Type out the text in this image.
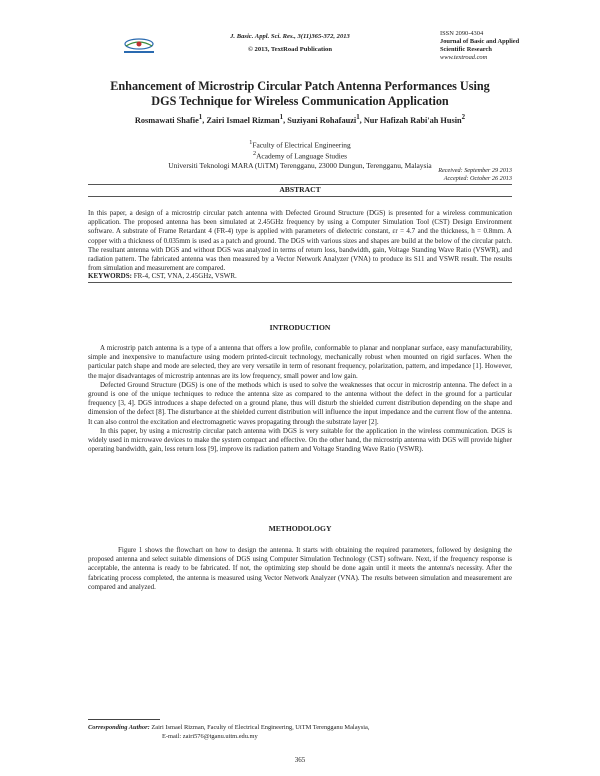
J. Basic. Appl. Sci. Res., 3(11)365-372, 2013
© 2013, TextRoad Publication
ISSN 2090-4304
Journal of Basic and Applied
Scientific Research
www.textroad.com
Enhancement of Microstrip Circular Patch Antenna Performances Using
DGS Technique for Wireless Communication Application
Rosmawati Shafie$^1$, Zairi Ismael Rizman$^1$, Suziyani Rohafauzi$^1$, Nur Hafizah Rabi'ah Husin$^2$
$^1$Faculty of Electrical Engineering
$^2$Academy of Language Studies
Universiti Teknologi MARA (UiTM) Terengganu, 23000 Dungun, Terengganu, Malaysia
Received: September 29 2013
Accepted: October 26 2013
ABSTRACT
In this paper, a design of a microstrip circular patch antenna with Defected Ground Structure (DGS) is presented for a wireless communication application. The proposed antenna has been simulated at 2.45GHz frequency by using a Computer Simulation Tool (CST) Design Environment software. A substrate of Frame Retardant 4 (FR-4) type is applied with parameters of dielectric constant, εr = 4.7 and the thickness, h = 0.8mm. A copper with a thickness of 0.035mm is used as a patch and ground. The DGS with various sizes and shapes are build at the below of the circular patch. The resultant antenna with DGS and without DGS was analyzed in terms of return loss, bandwidth, gain, Voltage Standing Wave Ratio (VSWR), and radiation pattern. The fabricated antenna was then measured by a Vector Network Analyzer (VNA) to produce its S11 and VSWR result. The results from simulation and measurement are compared.
KEYWORDS: FR-4, CST, VNA, 2.45GHz, VSWR.
INTRODUCTION

A microstrip patch antenna is a type of a antenna that offers a low profile, conformable to planar and nonplanar surface, easy manufacturability, simple and inexpensive to manufacture using modern printed-circuit technology, mechanically robust when mounted on rigid surfaces. When the particular patch shape and mode are selected, they are very versatile in term of resonant frequency, polarization, pattern, and impedance [1]. However, the major disadvantages of microstrip antennas are its low frequency, small power and low gain.

Defected Ground Structure (DGS) is one of the methods which is used to solve the weaknesses that occur in microstrip antenna. The defect in a ground is one of the unique techniques to reduce the antenna size as compared to the antenna without the defect in the ground for a particular frequency [3, 4]. DGS introduces a shape defected on a ground plane, thus will disturb the shielded current distribution depending on the shape and dimension of the defect [8]. The disturbance at the shielded current distribution will influence the input impedance and the current flow of the antenna. It can also control the excitation and electromagnetic waves propagating through the substrate layer [2].

In this paper, by using a microstrip circular patch antenna with DGS is very suitable for the application in the wireless communication. DGS is widely used in microwave devices to make the system compact and effective. On the other hand, the microstrip antenna with DGS will provide higher operating bandwidth, gain, less return loss [9], improve its radiation pattern and Voltage Standing Wave Ratio (VSWR).

METHODOLOGY

Figure 1 shows the flowchart on how to design the antenna. It starts with obtaining the required parameters, followed by designing the proposed antenna and select suitable dimensions of DGS using Computer Simulation Technology (CST) software. Next, if the frequency response is acceptable, the antenna is ready to be fabricated. If not, the optimizing step should be done again until it meets the antenna's necessity. After the fabricating process completed, the antenna is measured using Vector Network Analyzer (VNA). The results between simulation and measurement are compared and analyzed.

Corresponding Author: Zairi Ismael Rizman, Faculty of Electrical Engineering, UiTM Terengganu Malaysia,
E-mail: zairi576@tganu.uitm.edu.my
365
